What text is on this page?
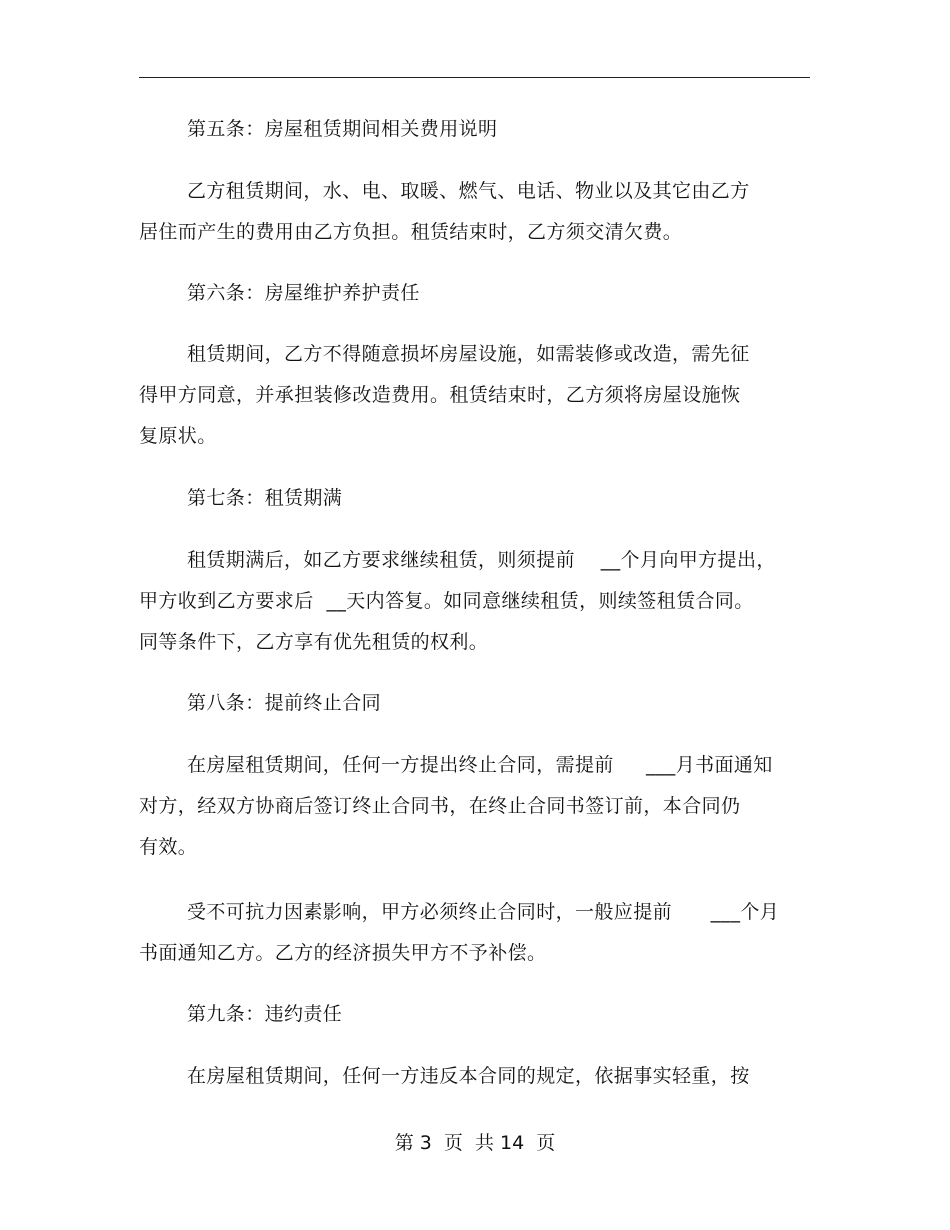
第五条：房屋租赁期间相关费用说明
乙方租赁期间，水、电、取暖、燃气、电话、物业以及其它由乙方
居住而产生的费用由乙方负担。租赁结束时，乙方须交清欠费。
第六条：房屋维护养护责任
租赁期间，乙方不得随意损坏房屋设施，如需装修或改造，需先征
得甲方同意，并承担装修改造费用。租赁结束时，乙方须将房屋设施恢
复原状。
第七条：租赁期满
租赁期满后，如乙方要求继续租赁，则须提前    __个月向甲方提出，
甲方收到乙方要求后  __天内答复。如同意继续租赁，则续签租赁合同。
同等条件下，乙方享有优先租赁的权利。
第八条：提前终止合同
在房屋租赁期间，任何一方提出终止合同，需提前     ___月书面通知
对方，经双方协商后签订终止合同书，在终止合同书签订前，本合同仍
有效。
受不可抗力因素影响，甲方必须终止合同时，一般应提前      ___个月
书面通知乙方。乙方的经济损失甲方不予补偿。
第九条：违约责任
在房屋租赁期间，任何一方违反本合同的规定，依据事实轻重，按
第 3  页  共 14  页
